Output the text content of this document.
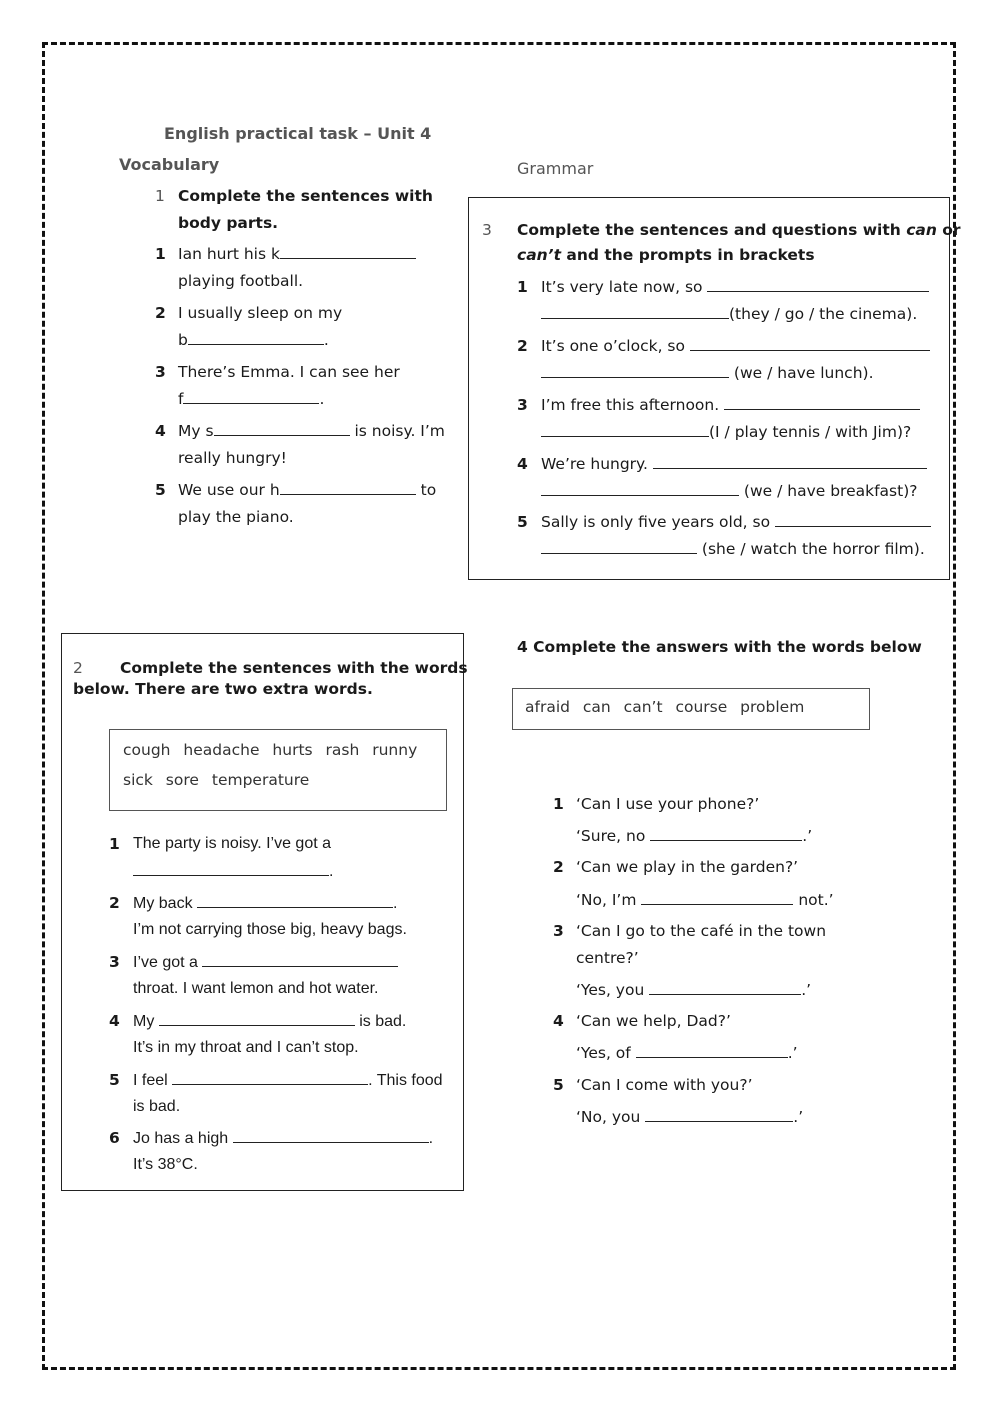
English practical task – Unit 4
Vocabulary
1 Complete the sentences with
body parts.
1 Ian hurt his k
playing football.
2 I usually sleep on my
b	.
3 There’s Emma. I can see her
f	.
4 My s	is noisy. I’m
really hungry!
5 We use our h	to
play the piano.
Grammar
3 Complete the sentences and questions with can or
can’t and the prompts in brackets
1 It’s very late now, so
(they / go / the cinema).
2 It’s one o’clock, so
(we / have lunch).
3 I’m free this afternoon.
(I / play tennis / with Jim)?
4 We’re hungry.
(we / have breakfast)?
5 Sally is only five years old, so
(she / watch the horror film).
2 Complete the sentences with the words
below. There are two extra words.
cough headache hurts rash runny
sick sore temperature
1 The party is noisy. I’ve got a
.
2 My back	.
I’m not carrying those big, heavy bags.
3 I’ve got a
throat. I want lemon and hot water.
4 My	is bad.
It’s in my throat and I can’t stop.
5 I feel	. This food
is bad.
6 Jo has a high	.
It’s 38°C.
4 Complete the answers with the words below
afraid can can’t course problem
1 ‘Can I use your phone?’
‘Sure, no	.’
2 ‘Can we play in the garden?’
‘No, I’m	not.’
3 ‘Can I go to the café in the town
centre?’
‘Yes, you	.’
4 ‘Can we help, Dad?’
‘Yes, of	.’
5 ‘Can I come with you?’
‘No, you	.’
